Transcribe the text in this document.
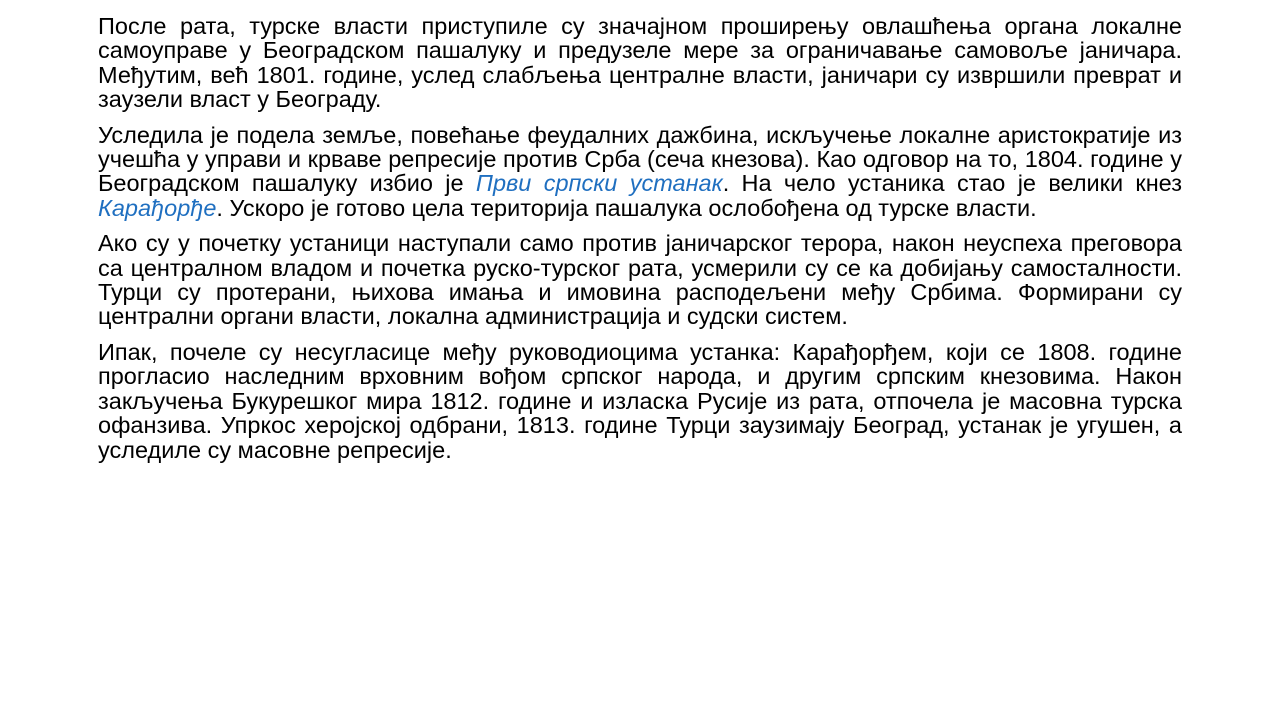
После рата, турске власти приступиле су значајном проширењу овлашћења органа локалне самоуправе у Београдском пашалуку и предузеле мере за ограничавање самовоље јаничара. Међутим, већ 1801. године, услед слабљења централне власти, јаничари су извршили преврат и заузели власт у Београду.

Уследила је подела земље, повећање феудалних дажбина, искључење локалне аристократије из учешћа у управи и крваве репресије против Срба (сеча кнезова). Као одговор на то, 1804. године у Београдском пашалуку избио је Први српски устанак. На чело устаника стао је велики кнез Карађорђе. Ускоро је готово цела територија пашалука ослобођена од турске власти.

Ако су у почетку устаници наступали само против јаничарског терора, након неуспеха преговора са централном владом и почетка руско-турског рата, усмерили су се ка добијању самосталности. Турци су протерани, њихова имања и имовина расподељени међу Србима. Формирани су централни органи власти, локална администрација и судски систем.

Ипак, почеле су несугласице међу руководиоцима устанка: Карађорђем, који се 1808. године прогласио наследним врховним вођом српског народа, и другим српским кнезовима. Након закључења Букурешког мира 1812. године и изласка Русије из рата, отпочела је масовна турска офанзива. Упркос херојској одбрани, 1813. године Турци заузимају Београд, устанак је угушен, а уследиле су масовне репресије.
